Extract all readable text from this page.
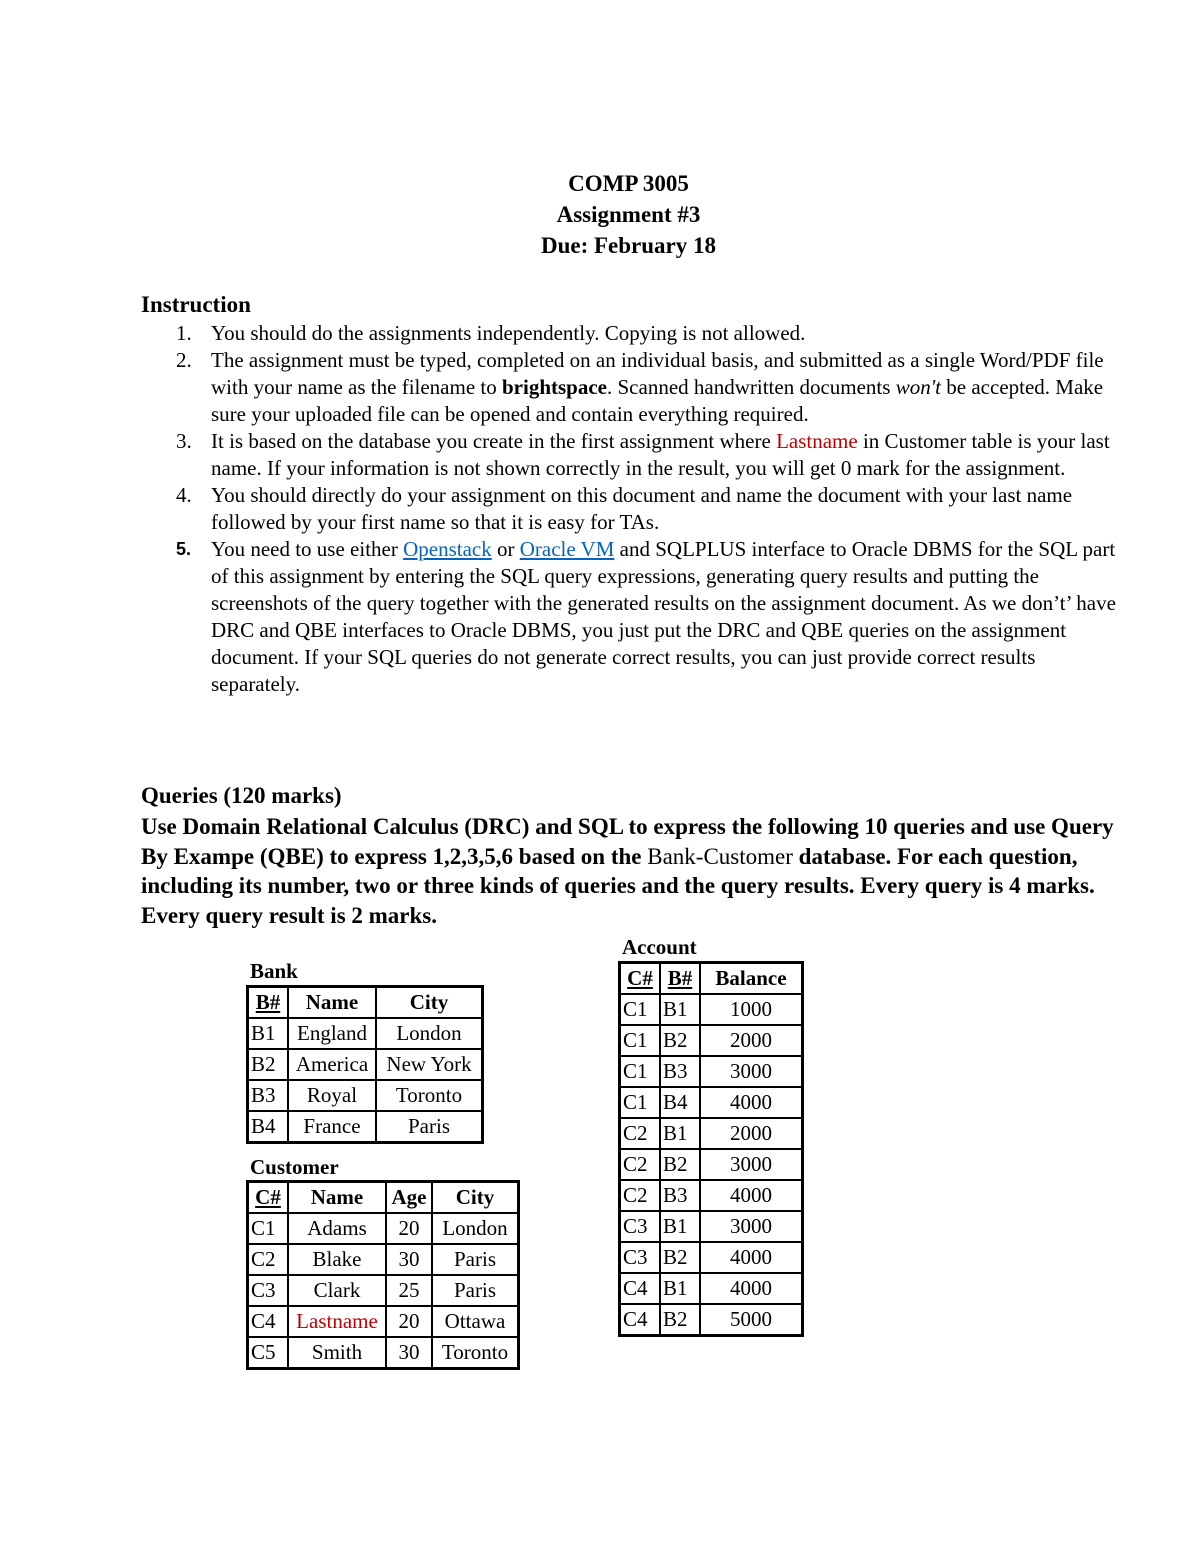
COMP 3005
Assignment #3
Due: February 18
Instruction
1. You should do the assignments independently. Copying is not allowed.
2. The assignment must be typed, completed on an individual basis, and submitted as a single Word/PDF file with your name as the filename to brightspace. Scanned handwritten documents won't be accepted. Make sure your uploaded file can be opened and contain everything required.
3. It is based on the database you create in the first assignment where Lastname in Customer table is your last name. If your information is not shown correctly in the result, you will get 0 mark for the assignment.
4. You should directly do your assignment on this document and name the document with your last name followed by your first name so that it is easy for TAs.
5. You need to use either Openstack or Oracle VM and SQLPLUS interface to Oracle DBMS for the SQL part of this assignment by entering the SQL query expressions, generating query results and putting the screenshots of the query together with the generated results on the assignment document. As we don’t’ have DRC and QBE interfaces to Oracle DBMS, you just put the DRC and QBE queries on the assignment document. If your SQL queries do not generate correct results, you can just provide correct results separately.
Queries (120 marks)
Use Domain Relational Calculus (DRC) and SQL to express the following 10 queries and use Query By Exampe (QBE) to express 1,2,3,5,6 based on the Bank-Customer database. For each question, including its number, two or three kinds of queries and the query results. Every query is 4 marks. Every query result is 2 marks.
Bank
B#	Name	City
B1	England	London
B2	America	New York
B3	Royal	Toronto
B4	France	Paris
Customer
C#	Name	Age	City
C1	Adams	20	London
C2	Blake	30	Paris
C3	Clark	25	Paris
C4	Lastname	20	Ottawa
C5	Smith	30	Toronto
Account
C#	B#	Balance
C1	B1	1000
C1	B2	2000
C1	B3	3000
C1	B4	4000
C2	B1	2000
C2	B2	3000
C2	B3	4000
C3	B1	3000
C3	B2	4000
C4	B1	4000
C4	B2	5000
